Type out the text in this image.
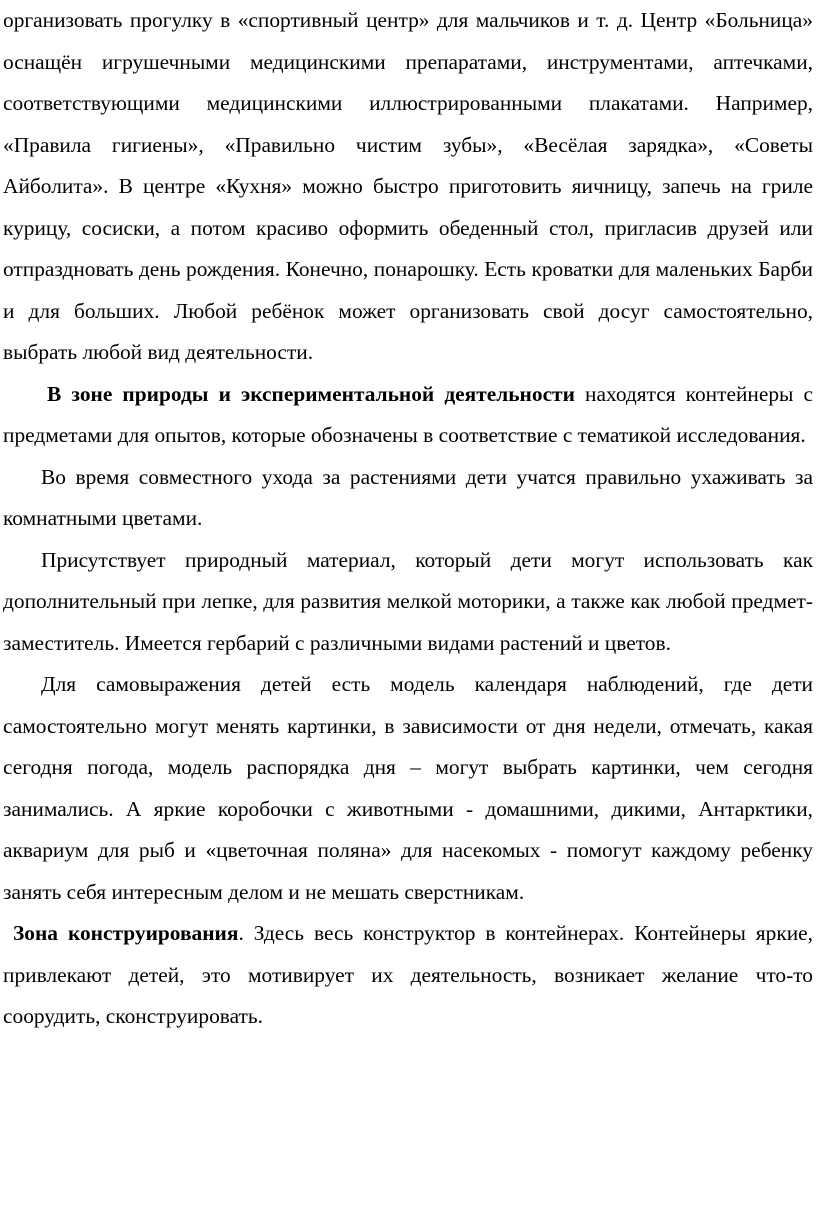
организовать прогулку в «спортивный центр» для мальчиков и т. д. Центр «Больница» оснащён игрушечными медицинскими препаратами, инструментами, аптечками, соответствующими медицинскими иллюстрированными плакатами. Например, «Правила гигиены», «Правильно чистим зубы», «Весёлая зарядка», «Советы Айболита». В центре «Кухня» можно быстро приготовить яичницу, запечь на гриле курицу, сосиски, а потом красиво оформить обеденный стол, пригласив друзей или отпраздновать день рождения. Конечно, понарошку. Есть кроватки для маленьких Барби и для больших. Любой ребёнок может организовать свой досуг самостоятельно, выбрать любой вид деятельности.

В зоне природы и экспериментальной деятельности находятся контейнеры с предметами для опытов, которые обозначены в соответствие с тематикой исследования.

Во время совместного ухода за растениями дети учатся правильно ухаживать за комнатными цветами.

Присутствует природный материал, который дети могут использовать как дополнительный при лепке, для развития мелкой моторики, а также как любой предмет-заместитель. Имеется гербарий с различными видами растений и цветов.

Для самовыражения детей есть модель календаря наблюдений, где дети самостоятельно могут менять картинки, в зависимости от дня недели, отмечать, какая сегодня погода, модель распорядка дня – могут выбрать картинки, чем сегодня занимались. А яркие коробочки с животными - домашними, дикими, Антарктики, аквариум для рыб и «цветочная поляна» для насекомых - помогут каждому ребенку занять себя интересным делом и не мешать сверстникам.

Зона конструирования. Здесь весь конструктор в контейнерах. Контейнеры яркие, привлекают детей, это мотивирует их деятельность, возникает желание что-то соорудить, сконструировать.
